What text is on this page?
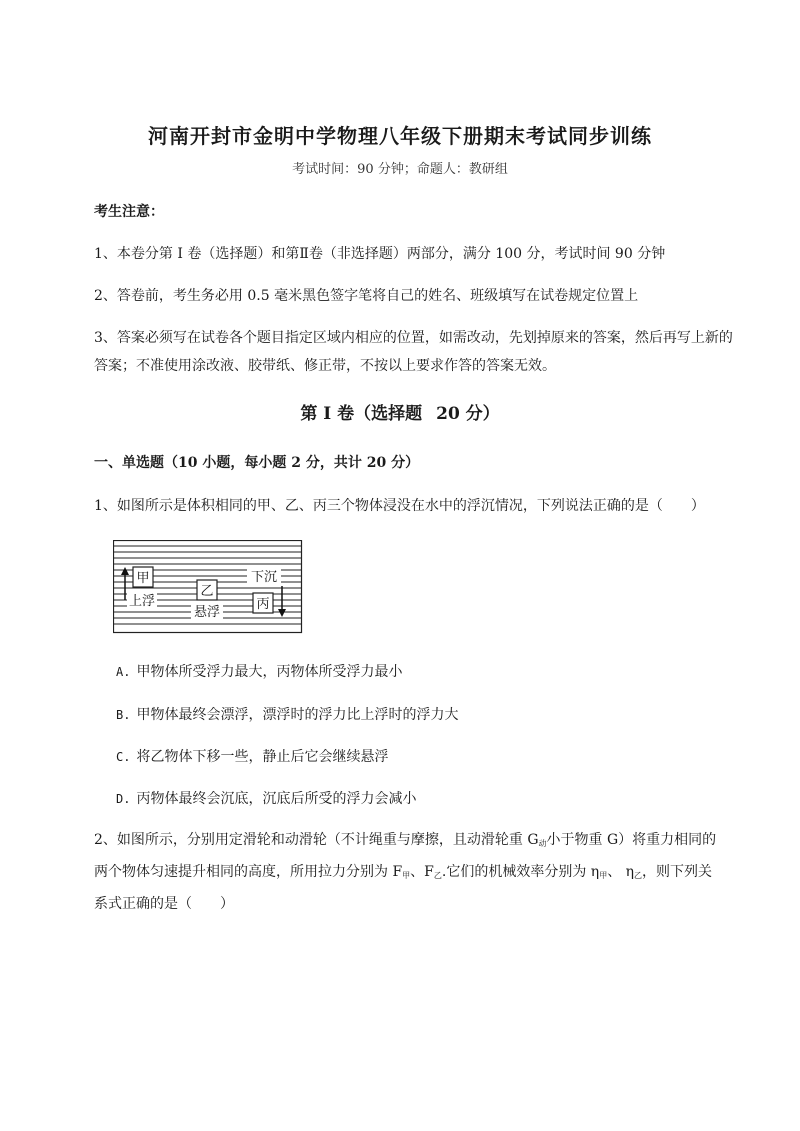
河南开封市金明中学物理八年级下册期末考试同步训练
考试时间：90 分钟；命题人：教研组
考生注意：
1、本卷分第 I 卷（选择题）和第Ⅱ卷（非选择题）两部分，满分 100 分，考试时间 90 分钟
2、答卷前，考生务必用 0.5 毫米黑色签字笔将自己的姓名、班级填写在试卷规定位置上
3、答案必须写在试卷各个题目指定区域内相应的位置，如需改动，先划掉原来的答案，然后再写上新的答案；不准使用涂改液、胶带纸、修正带，不按以上要求作答的答案无效。
第 I 卷（选择题 20 分）
一、单选题（10 小题，每小题 2 分，共计 20 分）
1、如图所示是体积相同的甲、乙、丙三个物体浸没在水中的浮沉情况，下列说法正确的是（　　）
甲
上浮
乙
悬浮
下沉
丙
A. 甲物体所受浮力最大，丙物体所受浮力最小
B. 甲物体最终会漂浮，漂浮时的浮力比上浮时的浮力大
C. 将乙物体下移一些，静止后它会继续悬浮
D. 丙物体最终会沉底，沉底后所受的浮力会减小
2、如图所示，分别用定滑轮和动滑轮（不计绳重与摩擦，且动滑轮重 $G_动$小于物重 G）将重力相同的
两个物体匀速提升相同的高度，所用拉力分别为 $F_甲$、$F_乙$.它们的机械效率分别为 $\eta_甲$、 $\eta_乙$，则下列关
系式正确的是（　　）
